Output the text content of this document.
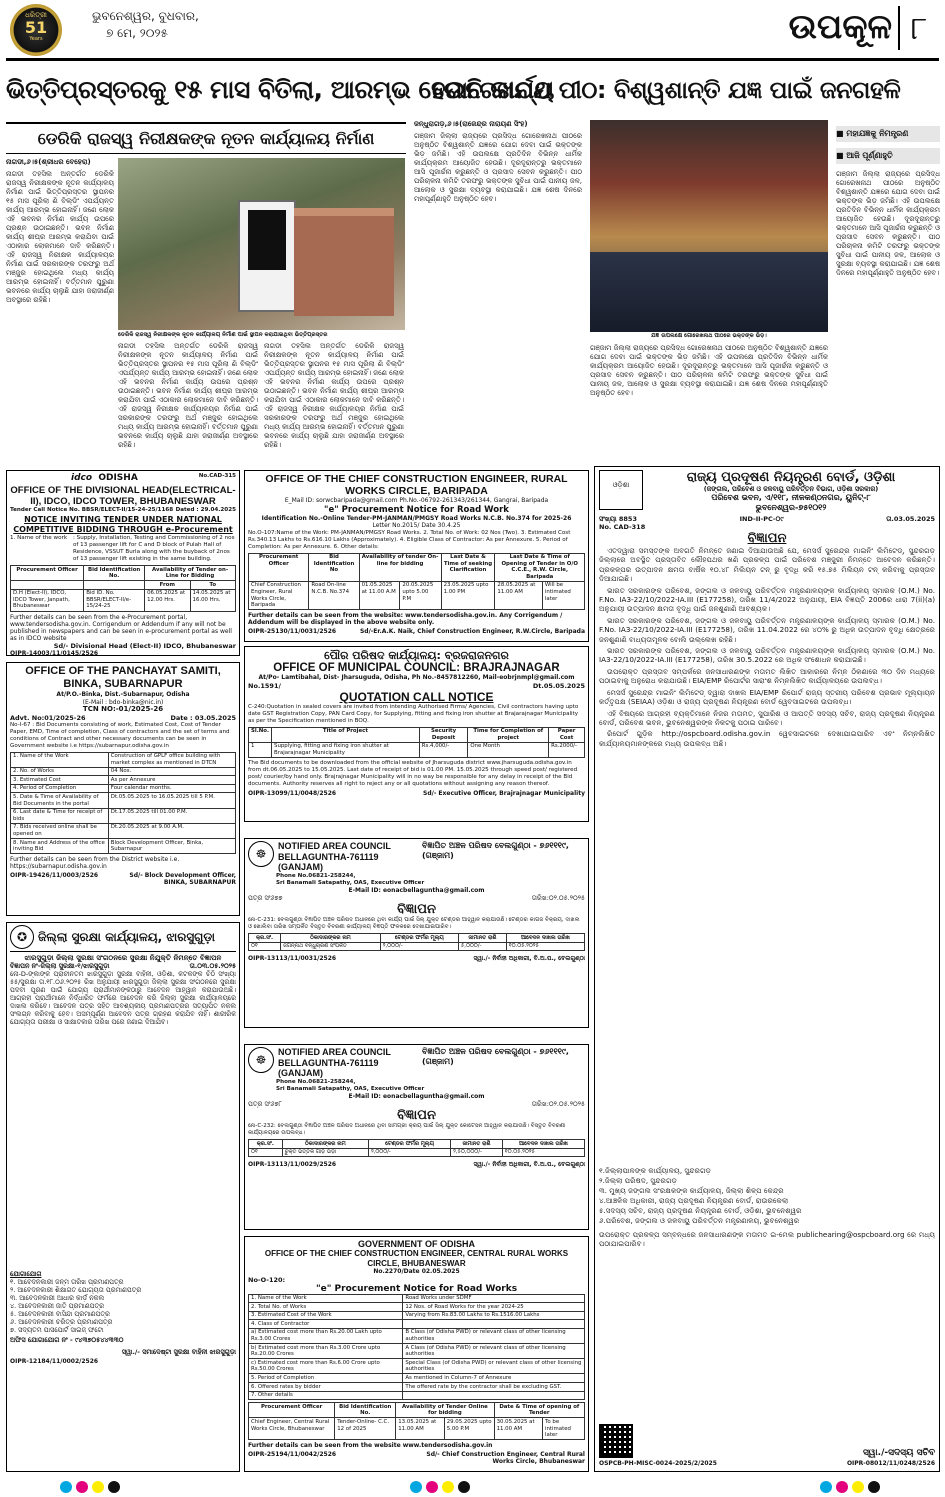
ଧରିତ୍ରୀ
51
Years
ଭୁବନେଶ୍ୱର, ବୁଧବାର,
୭ ମେ, ୨୦୨୫	ଉପକୂଳ ୮
ଭିତ୍ତିପ୍ରସ୍ତରକୁ ୧୫ ମାସ ବିତିଲା, ଆରମ୍ଭ ହେଉନି କାର୍ଯ୍ୟ
ଗୋରେଖନାଥ ପୀଠ: ବିଶ୍ୱଶାନ୍ତି ଯଜ୍ଞ ପାଇଁ ଜନଗହଳି
ଡେରିକି ରାଜସ୍ୱ ନିରୀକ୍ଷକଙ୍କ ନୂତନ କାର୍ଯ୍ୟାଳୟ ନିର୍ମାଣ
ନାଗଡୀ,୬।୫(ଶ୍ରୀଧର ବେହେରା)
ନାଗଡୀ ତହସିଲ ଅନ୍ତର୍ଗତ ଡେରିକି ରାଜସ୍ୱ ନିରୀକ୍ଷକଙ୍କ ନୂତନ କାର୍ଯ୍ୟାଳୟ ନିର୍ମାଣ ପାଇଁ ଭିତ୍ତିପ୍ରସ୍ତର ସ୍ଥାପନର ୧୫ ମାସ ପୂରିଲା ଣି ବିଲ୍ଡିଂ ଏପର୍ଯ୍ୟନ୍ତ କାର୍ଯ୍ୟ ଆରମ୍ଭ ହୋଇନାହିଁ। ଜଣେ ଲୋକ ଏହି ଭବନର ନିର୍ମାଣ କାର୍ଯ୍ୟ ଉପରେ ପ୍ରଶ୍ନ ଉଠାଇଛନ୍ତି। ଭବନ ନିର୍ମାଣ କାର୍ଯ୍ୟ ଶୀଘ୍ର ଆରମ୍ଭ କରାଯିବା ପାଇଁ ଏଠାକାର ଲୋକମାନେ ଦାବି କରିଛନ୍ତି। ଏହି ରାଜସ୍ୱ ନିରୀକ୍ଷକ କାର୍ଯ୍ୟାଳୟର ନିର୍ମାଣ ପାଇଁ ସରକାରଙ୍କ ତରଫରୁ ଅର୍ଥ ମଞ୍ଜୁର ହୋଇଥିଲେ ମଧ୍ୟ କାର୍ଯ୍ୟ ଆରମ୍ଭ ହୋଇନାହିଁ। ବର୍ତ୍ତମାନ ପୁରୁଣା ଭବନରେ କାର୍ଯ୍ୟ ଚାଲୁଛି ଯାହା ଜରାଜୀର୍ଣ୍ଣ ଅବସ୍ଥାରେ ରହିଛି।
ଡେରିକି ରାଜସ୍ୱ ନିରୀକ୍ଷକଙ୍କ ନୂତନ କାର୍ଯ୍ୟାଳୟ ନିର୍ମାଣ ପାଇଁ ସ୍ଥାପନ କରାଯାଇଥିବା ଭିତ୍ତିପ୍ରସ୍ତର
ନାଗଡୀ ତହସିଲ ଅନ୍ତର୍ଗତ ଡେରିକି ରାଜସ୍ୱ ନିରୀକ୍ଷକଙ୍କ ନୂତନ କାର୍ଯ୍ୟାଳୟ ନିର୍ମାଣ ପାଇଁ ଭିତ୍ତିପ୍ରସ୍ତର ସ୍ଥାପନର ୧୫ ମାସ ପୂରିଲା ଣି ବିଲ୍ଡିଂ ଏପର୍ଯ୍ୟନ୍ତ କାର୍ଯ୍ୟ ଆରମ୍ଭ ହୋଇନାହିଁ। ଜଣେ ଲୋକ ଏହି ଭବନର ନିର୍ମାଣ କାର୍ଯ୍ୟ ଉପରେ ପ୍ରଶ୍ନ ଉଠାଇଛନ୍ତି। ଭବନ ନିର୍ମାଣ କାର୍ଯ୍ୟ ଶୀଘ୍ର ଆରମ୍ଭ କରାଯିବା ପାଇଁ ଏଠାକାର ଲୋକମାନେ ଦାବି କରିଛନ୍ତି। ଏହି ରାଜସ୍ୱ ନିରୀକ୍ଷକ କାର୍ଯ୍ୟାଳୟର ନିର୍ମାଣ ପାଇଁ ସରକାରଙ୍କ ତରଫରୁ ଅର୍ଥ ମଞ୍ଜୁର ହୋଇଥିଲେ ମଧ୍ୟ କାର୍ଯ୍ୟ ଆରମ୍ଭ ହୋଇନାହିଁ। ବର୍ତ୍ତମାନ ପୁରୁଣା ଭବନରେ କାର୍ଯ୍ୟ ଚାଲୁଛି ଯାହା ଜରାଜୀର୍ଣ୍ଣ ଅବସ୍ଥାରେ ରହିଛି।
ନାଗଡୀ ତହସିଲ ଅନ୍ତର୍ଗତ ଡେରିକି ରାଜସ୍ୱ ନିରୀକ୍ଷକଙ୍କ ନୂତନ କାର୍ଯ୍ୟାଳୟ ନିର୍ମାଣ ପାଇଁ ଭିତ୍ତିପ୍ରସ୍ତର ସ୍ଥାପନର ୧୫ ମାସ ପୂରିଲା ଣି ବିଲ୍ଡିଂ ଏପର୍ଯ୍ୟନ୍ତ କାର୍ଯ୍ୟ ଆରମ୍ଭ ହୋଇନାହିଁ। ଜଣେ ଲୋକ ଏହି ଭବନର ନିର୍ମାଣ କାର୍ଯ୍ୟ ଉପରେ ପ୍ରଶ୍ନ ଉଠାଇଛନ୍ତି। ଭବନ ନିର୍ମାଣ କାର୍ଯ୍ୟ ଶୀଘ୍ର ଆରମ୍ଭ କରାଯିବା ପାଇଁ ଏଠାକାର ଲୋକମାନେ ଦାବି କରିଛନ୍ତି। ଏହି ରାଜସ୍ୱ ନିରୀକ୍ଷକ କାର୍ଯ୍ୟାଳୟର ନିର୍ମାଣ ପାଇଁ ସରକାରଙ୍କ ତରଫରୁ ଅର୍ଥ ମଞ୍ଜୁର ହୋଇଥିଲେ ମଧ୍ୟ କାର୍ଯ୍ୟ ଆରମ୍ଭ ହୋଇନାହିଁ। ବର୍ତ୍ତମାନ ପୁରୁଣା ଭବନରେ କାର୍ଯ୍ୟ ଚାଲୁଛି ଯାହା ଜରାଜୀର୍ଣ୍ଣ ଅବସ୍ଥାରେ ରହିଛି।
ଜନ୍ଧୁରାଗଡ଼,୬।୫(ରାଜେନ୍ଦ୍ର ନାରାୟଣ ସିଂହ)
ଗଞ୍ଜାମ ଜିଲ୍ଲା ରାଜ୍ୟରେ ପ୍ରସିଦ୍ଧ ଗୋରେଖନାଥ ପୀଠରେ ଅନୁଷ୍ଠିତ ବିଶ୍ୱଶାନ୍ତି ଯଜ୍ଞରେ ଯୋଗ ଦେବା ପାଇଁ ଭକ୍ତଙ୍କ ଭିଡ଼ ଜମିଛି। ଏହି ଉପଲକ୍ଷେ ପ୍ରତିଦିନ ବିଭିନ୍ନ ଧାର୍ମିକ କାର୍ଯ୍ୟକ୍ରମ ଆୟୋଜିତ ହେଉଛି। ଦୂରଦୂରାନ୍ତରୁ ଭକ୍ତମାନେ ଆସି ପୂଜାର୍ଚ୍ଚନା କରୁଛନ୍ତି ଓ ପ୍ରସାଦ ସେବନ କରୁଛନ୍ତି। ପୀଠ ପରିଚାଳନା କମିଟି ତରଫରୁ ଭକ୍ତଙ୍କ ସୁବିଧା ପାଇଁ ପାନୀୟ ଜଳ, ଆଲୋକ ଓ ସୁରକ୍ଷା ବ୍ୟବସ୍ଥା କରାଯାଇଛି। ଯଜ୍ଞ ଶେଷ ଦିନରେ ମହାପୂର୍ଣ୍ଣାହୁତି ଅନୁଷ୍ଠିତ ହେବ।
ଯଜ୍ଞ ଉପଲକ୍ଷେ ଗୋରେଖନାଥ ପୀଠରେ ଭକ୍ତଙ୍କ ଭିଡ଼।
■ ମହାଯଜ୍ଞକୁ ନିମନ୍ତ୍ରଣ
■ ଆଜି ପୂର୍ଣ୍ଣାହୁତି
ଗଞ୍ଜାମ ଜିଲ୍ଲା ରାଜ୍ୟରେ ପ୍ରସିଦ୍ଧ ଗୋରେଖନାଥ ପୀଠରେ ଅନୁଷ୍ଠିତ ବିଶ୍ୱଶାନ୍ତି ଯଜ୍ଞରେ ଯୋଗ ଦେବା ପାଇଁ ଭକ୍ତଙ୍କ ଭିଡ଼ ଜମିଛି। ଏହି ଉପଲକ୍ଷେ ପ୍ରତିଦିନ ବିଭିନ୍ନ ଧାର୍ମିକ କାର୍ଯ୍ୟକ୍ରମ ଆୟୋଜିତ ହେଉଛି। ଦୂରଦୂରାନ୍ତରୁ ଭକ୍ତମାନେ ଆସି ପୂଜାର୍ଚ୍ଚନା କରୁଛନ୍ତି ଓ ପ୍ରସାଦ ସେବନ କରୁଛନ୍ତି। ପୀଠ ପରିଚାଳନା କମିଟି ତରଫରୁ ଭକ୍ତଙ୍କ ସୁବିଧା ପାଇଁ ପାନୀୟ ଜଳ, ଆଲୋକ ଓ ସୁରକ୍ଷା ବ୍ୟବସ୍ଥା କରାଯାଇଛି। ଯଜ୍ଞ ଶେଷ ଦିନରେ ମହାପୂର୍ଣ୍ଣାହୁତି ଅନୁଷ୍ଠିତ ହେବ।
ଗଞ୍ଜାମ ଜିଲ୍ଲା ରାଜ୍ୟରେ ପ୍ରସିଦ୍ଧ ଗୋରେଖନାଥ ପୀଠରେ ଅନୁଷ୍ଠିତ ବିଶ୍ୱଶାନ୍ତି ଯଜ୍ଞରେ ଯୋଗ ଦେବା ପାଇଁ ଭକ୍ତଙ୍କ ଭିଡ଼ ଜମିଛି। ଏହି ଉପଲକ୍ଷେ ପ୍ରତିଦିନ ବିଭିନ୍ନ ଧାର୍ମିକ କାର୍ଯ୍ୟକ୍ରମ ଆୟୋଜିତ ହେଉଛି। ଦୂରଦୂରାନ୍ତରୁ ଭକ୍ତମାନେ ଆସି ପୂଜାର୍ଚ୍ଚନା କରୁଛନ୍ତି ଓ ପ୍ରସାଦ ସେବନ କରୁଛନ୍ତି। ପୀଠ ପରିଚାଳନା କମିଟି ତରଫରୁ ଭକ୍ତଙ୍କ ସୁବିଧା ପାଇଁ ପାନୀୟ ଜଳ, ଆଲୋକ ଓ ସୁରକ୍ଷା ବ୍ୟବସ୍ଥା କରାଯାଇଛି। ଯଜ୍ଞ ଶେଷ ଦିନରେ ମହାପୂର୍ଣ୍ଣାହୁତି ଅନୁଷ୍ଠିତ ହେବ।
idco ODISHA	No.CAD-315
OFFICE OF THE DIVISIONAL HEAD(ELECTRICAL-II), IDCO, IDCO TOWER, BHUBANESWAR
Tender Call Notice No. BBSR/ELECT-II/15-24-25/1168 Dated : 29.04.2025
NOTICE INVITING TENDER UNDER NATIONAL COMPETITIVE BIDDING THROUGH e-Procurement
1. Name of the work	: Supply, Installation, Testing and Commissioning of 2 nos of 13 passenger lift for C and D block of Pulah Hall of Residence, VSSUT Burla along with the buyback of 2nos of 13 passenger lift existing in the same building.
Procurement Officer	Bid Identification No.	Availability of Tender on-Line for Bidding	
		From	To
D.H (Elect-II), IDCO, IDCO Tower, Janpath, Bhubaneswar	Bid ID. No. BBSR/ELECT-II/e-15/24-25	06.05.2025 at 12.00 Hrs.	14.05.2025 at 16.00 Hrs.
Further details can be seen from the e-Procurement portal, www.tendersodisha.gov.in. Corrigendum or Addendum if any will not be published in newspapers and can be seen in e-procurement portal as well as in IDCO website
Sd/- Divisional Head (Elect-II) IDCO, Bhubaneswar
OIPR-14003/11/0145/2526
OFFICE OF THE CHIEF CONSTRUCTION ENGINEER, RURAL WORKS CIRCLE, BARIPADA
E_Mail ID: sorwcbaripada@gmail.com Ph.No.-06792-261343/261344, Gangrai, Baripada
"e" Procurement Notice for Road Work
Identification No.-Online Tender-PM-JANMAN/PMGSY Road Works N.C.B. No.374 for 2025-26
Letter No.2015/ Date 30.4.25
No.O-107:Name of the Work: PM-JANMAN/PMGSY Road Works. 2. Total No. of Work: 02 Nos (Two). 3. Estimated Cost Rs.340.13 Lakhs to Rs.616.10 Lakhs (Approximately). 4. Eligible Class of Contractor: As per Annexure. 5. Period of Completion: As per Annexure. 6. Other details:
Procurement Officer	Bid Identification No	Availability of tender On-line for bidding		Last Date & Time of seeking Clarification	Last Date & Time of Opening of Tender in O/O C.C.E., R.W. Circle, Baripada	
Chief Construction Engineer, Rural Works Circle, Baripada	Road On-line N.C.B. No.374	01.05.2025 at 11.00 A.M	20.05.2025 upto 5.00 P.M	23.05.2025 upto 1.00 PM	28.05.2025 at 11.00 AM	Will be intimated later
Further details can be seen from the website: www.tendersodisha.gov.in. Any Corrigendum / Addendum will be displayed in the above website only.
OIPR-25130/11/0031/2526	Sd/-Er.A.K. Naik, Chief Construction Engineer, R.W.Circle, Baripada
OFFICE OF THE PANCHAYAT SAMITI, BINKA, SUBARNAPUR
At/P.O.-Binka, Dist.-Subarnapur, Odisha
(E-Mail : bdo-binka@nic.in)
TCN NO:-01/2025-26
Advt. No:01/2025-26	Date : 03.05.2025
No-I-67 : Bid Documents consisting of work, Estimated Cost, Cost of Tender Paper, EMD, Time of completion, Class of contractors and the set of terms and conditions of Contract and other necessary documents can be seen in Government website i.e https://subarnapur.odisha.gov.in
1. Name of the Work	Construction of GPLF office building with market complex as mentioned in DTCN
2. No. of Works	04 Nos.
3. Estimated Cost	As per Annexure
4. Period of Completion	Four calendar months.
5. Date & Time of Availability of Bid Documents in the portal	Dt.05.05.2025 to 16.05.2025 till 5 P.M.
6. Last date & Time for receipt of bids	Dt.17.05.2025 till 01.00 P.M.
7. Bids received online shall be opened on	Dt.20.05.2025 at 9.00 A.M.
8. Name and Address of the office inviting Bid	Block Development Officer, Binka, Subarnapur
Further details can be seen from the District website i.e. https://subarnapur.odisha.gov.in
OIPR-19426/11/0003/2526	Sd/- Block Development Officer, BINKA, SUBARNAPUR
ପୌର ପରିଷଦ କାର୍ଯ୍ୟାଳୟ: ବ୍ରଜରାଜନଗର
OFFICE OF MUNICIPAL COUNCIL: BRAJRAJNAGAR
At/Po- Lamtibahal, Dist- Jharsuguda, Odisha, Ph No.-8457812260, Mail-eobrjnmpl@gmail.com
No.1591/	Dt.05.05.2025
QUOTATION CALL NOTICE
C-240:Quotation in sealed covers are invited from intending Authorised Firms/ Agencies, Civil contractors having upto date GST Registration Copy, PAN Card Copy, for Supplying, fitting and fixing iron shutter at Brajarajnagar Municipality as per the Specification mentioned in BOQ.
Sl.No.	Title of Project	Security Deposit	Time for Completion of project	Paper Cost
1	Supplying, fitting and fixing iron shutter at Brajarajnagar Municipality	Rs.4,000/-	One Month	Rs.2000/-
The Bid documents to be downloaded from the official website of Jharsuguda district www.jharsuguda.odisha.gov.in from dt.06.05.2025 to 15.05.2025. Last date of receipt of bid is 01.00 PM. 15.05.2025 through speed post/ registered post/ courier/by hand only. Brajrajnagar Municipality will in no way be responsible for any delay in receipt of the Bid documents. Authority reserves all right to reject any or all quotations without assigning any reason thereof.
OIPR-13099/11/0048/2526	Sd/- Executive Officer, Brajrajnagar Municipality
☸
NOTIFIED AREA COUNCIL BELLAGUNTHA-761119 (GANJAM)
ବିଜ୍ଞାପିତ ଅଞ୍ଚଳ ପରିଷଦ ବେଲଗୁଣ୍ଠା - ୭୬୧୧୧୯, (ଗଞ୍ଜାମ)
Phone No.06821-258244,
Sri Banamali Satapathy, OAS, Executive Officer
E-Mail ID: eonacbellaguntha@gmail.com
ପତ୍ର ସଂ୬୭୭	ତାରିଖ:୦୨.୦୫.୨୦୨୫
ବିଜ୍ଞାପନ
ନୋ-C-231: ବେଲଗୁଣ୍ଠା ବିଜ୍ଞାପିତ ଅଞ୍ଚଳ ପରିଷଦ ଅଧୀନରେ ଥିବା କାର୍ଯ୍ୟ ପାଇଁ ସିଲ୍ ଯୁକ୍ତ ଟେଣ୍ଡର ଆହ୍ୱାନ କରାଯାଉଛି। ଟେଣ୍ଡର କାଗଜ ବିକ୍ରୟ, ଦାଖଲ ଓ ଖୋଲିବା ତାରିଖ ସମ୍ପର୍କିତ ବିସ୍ତୃତ ବିବରଣୀ କାର୍ଯ୍ୟାଳୟ ବିଜ୍ଞପ୍ତି ଫଳକରେ ଦେଖାଯାଇପାରିବ।
କ୍ର.ସଂ.	ଠିକାଦାରଙ୍କର ନାମ	ଟେଣ୍ଡର ଫର୍ମର ମୂଲ୍ୟ	ଜାମାନତ ରାଶି	ଆବେଦନ ଦାଖଲ ତାରିଖ
୦୧	ଜଗନ୍ନାଥ ବନ୍ଧୁଚାରଣ ସଂପର୍କିତ	୨,୦୦୦/-	୫,୦୦୦/-	୧୦.୦୫.୨୦୨୫
OIPR-13113/11/0031/2526	ସ୍ୱା./- ନିର୍ବାହୀ ଅଧିକାରୀ, ବି.ଅ.ପ., ବେଲଗୁଣ୍ଠା
☸
NOTIFIED AREA COUNCIL BELLAGUNTHA-761119 (GANJAM)
ବିଜ୍ଞାପିତ ଅଞ୍ଚଳ ପରିଷଦ ବେଲଗୁଣ୍ଠା - ୭୬୧୧୧୯, (ଗଞ୍ଜାମ)
Phone No.06821-258244,
Sri Banamali Satapathy, OAS, Executive Officer
E-Mail ID: eonacbellaguntha@gmail.com
ପତ୍ର ସଂ୬୭୮	ତାରିଖ:୦୨.୦୫.୨୦୨୫
ବିଜ୍ଞାପନ
ନୋ-C-232: ବେଲଗୁଣ୍ଠା ବିଜ୍ଞାପିତ ଅଞ୍ଚଳ ପରିଷଦ ଅଧୀନରେ ଥିବା ସାମଗ୍ରୀ କ୍ରୟ ପାଇଁ ସିଲ୍ ଯୁକ୍ତ କୋଟେସନ ଆହ୍ୱାନ କରାଯାଉଛି। ବିସ୍ତୃତ ବିବରଣୀ କାର୍ଯ୍ୟାଳୟରେ ଉପଲବ୍ଧ।
କ୍ର.ସଂ.	ଠିକାଦାରଙ୍କର ନାମ	ଟେଣ୍ଡର ଫର୍ମର ମୂଲ୍ୟ	ଜାମାନତ ରାଶି	ଆବେଦନ ଦାଖଲ ତାରିଖ
୦୧	ଚୁକ୍ତି ଭିତ୍ତିକ ଗାଡ଼ି ଭଡ଼ା	୨,୦୦୦/-	୨,୫୦,୦୦୦/-	୧୦.୦୫.୨୦୨୫
OIPR-13113/11/0029/2526	ସ୍ୱା./- ନିର୍ବାହୀ ଅଧିକାରୀ, ବି.ଅ.ପ., ବେଲଗୁଣ୍ଠା
GOVERNMENT OF ODISHA
OFFICE OF THE CHIEF CONSTRUCTION ENGINEER, CENTRAL RURAL WORKS CIRCLE, BHUBANESWAR
No.2270/Date 02.05.2025
No-O-120:
"e" Procurement Notice for Road Works
1. Name of the Work	Road Works under SDMF
2. Total No. of Works	12 Nos. of Road Works for the year 2024-25
3. Estimated Cost of the Work	Varying from Rs.83.00 Lakhs to Rs.1516.00 Lakhs
4. Class of Contractor	
a) Estimated cost more than Rs.20.00 Lakh upto Rs.3.00 Crores	B Class (of Odisha PWD) or relevant class of other licensing authorities
b) Estimated cost more than Rs.3.00 Crore upto Rs.20.00 Crores	A Class (of Odisha PWD) or relevant class of other licensing authorities
c) Estimated cost more than Rs.6.00 Crore upto Rs.50.00 Crores	Special Class (of Odisha PWD) or relevant class of other licensing authorities
5. Period of Completion	As mentioned in Column-7 of Annexure
6. Offered rates by bidder	The offered rate by the contractor shall be excluding GST.
7. Other details	
Procurement Officer	Bid Identification No.	Availability of Tender Online for bidding		Date & Time of opening of Tender	
Chief Engineer, Central Rural Works Circle, Bhubaneswar	Tender-Online- C.C. 12 of 2025	13.05.2025 at 11.00 AM	29.05.2025 upto 5.00 P.M	30.05.2025 at 11.00 AM	To be intimated later
Further details can be seen from the website www.tendersodisha.gov.in
OIPR-25194/11/0042/2526	Sd/- Chief Construction Engineer, Central Rural Works Circle, Bhubaneswar
✪ ଜିଲ୍ଲା ସୁରକ୍ଷା କାର୍ଯ୍ୟାଳୟ, ଝାରସୁଗୁଡ଼ା
ଝାରସୁଗୁଡ଼ା ଜିଲ୍ଲା ସୁରକ୍ଷା ସଂଗଠନରେ ସୁରକ୍ଷା ନିଯୁକ୍ତି ନିମନ୍ତେ ବିଜ୍ଞାପନ
ବିଜ୍ଞାପନ ନଂ-ଜିଲ୍ଲା ସୁରକ୍ଷା-୧/ଝାରସୁଗୁଡ଼ା	ତା.୦୩.୦୫.୨୦୨୫
ନୋ-D-ଙ୍କାଙ୍କ ପ୍ରାଚୀନତମ ଝାରସୁଗୁଡ଼ା ସୁରକ୍ଷା ବାହିନୀ, ଓଡ଼ିଶା, କଟକଙ୍କ ଚିଠି ସଂଖ୍ୟା ୫୫/ସୁରକ୍ଷା ତା.୧୮.୦୬.୨୦୨୫ ରିଖ ଅନୁଯାୟୀ ଝାରସୁଗୁଡ଼ା ଜିଲ୍ଲା ସୁରକ୍ଷା ସଂଗଠନରେ ସୁରକ୍ଷା ପଦବୀ ପୂରଣ ପାଇଁ ଯୋଗ୍ୟ ପ୍ରାର୍ଥୀମାନଙ୍କଠାରୁ ଆବେଦନ ଆହ୍ୱାନ କରାଯାଉଅଛି। ଆଗ୍ରହୀ ପ୍ରାର୍ଥୀମାନେ ନିର୍ଦ୍ଧାରିତ ଫର୍ମରେ ଆବେଦନ କରି ଜିଲ୍ଲା ସୁରକ୍ଷା କାର୍ଯ୍ୟାଳୟରେ ଦାଖଲ କରିବେ। ଆବେଦନ ପତ୍ର ସହିତ ଆବଶ୍ୟକୀୟ ପ୍ରମାଣପତ୍ରର ସତ୍ୟାପିତ ନକଲ ସଂଲଗ୍ନ କରିବାକୁ ହେବ। ଅସମ୍ପୂର୍ଣ୍ଣ ଆବେଦନ ପତ୍ର ଗ୍ରହଣ କରାଯିବ ନାହିଁ। ଶାରୀରିକ ଯୋଗ୍ୟତା ପରୀକ୍ଷା ଓ ସାକ୍ଷାତକାର ତାରିଖ ପରେ ଜଣାଇ ଦିଆଯିବ।
ଯୋଗାଯୋଗ
୧. ଆବେଦନକାରୀ ଜନ୍ମ ତାରିଖ ପ୍ରମାଣପତ୍ର
୨. ଆବେଦନକାରୀ ଶିକ୍ଷାଗତ ଯୋଗ୍ୟତା ପ୍ରମାଣପତ୍ର
୩. ଆବେଦନକାରୀ ଆଧାର କାର୍ଡ଼ ନକଲ
୪. ଆବେଦନକାରୀ ଜାତି ପ୍ରମାଣପତ୍ର
୫. ଆବେଦନକାରୀ ବାସିନ୍ଦା ପ୍ରମାଣପତ୍ର
୬. ଆବେଦନକାରୀ ଚରିତ୍ର ପ୍ରମାଣପତ୍ର
୭. ସଦ୍ୟତମ ପାସପୋର୍ଟ ସାଇଜ୍ ଫଟୋ
ଅଫିସ ଯୋଗାଯୋଗ ନଂ - ୯୪୩୭୦୫୪୪୩୩୦
ସ୍ୱା./- ସମାଦେଷ୍ଟା ସୁରକ୍ଷା ବାହିନୀ ଝାରସୁଗୁଡ଼ା
OIPR-12184/11/0002/2526
ଓଡ଼ିଶା	ରାଜ୍ୟ ପ୍ରଦୂଷଣ ନିୟନ୍ତ୍ରଣ ବୋର୍ଡ, ଓଡ଼ିଶା
(ଜଙ୍ଗଲ, ପରିବେଶ ଓ ଜଳବାୟୁ ପରିବର୍ତ୍ତନ ବିଭାଗ, ଓଡ଼ିଶା ସରକାର)
ପରିବେଶ ଭବନ, ଏ/୧୧୮, ନୀଳକଣ୍ଠନଗର, ୟୁନିଟ୍-୮
ଭୁବନେଶ୍ୱର-୭୫୧୦୧୨
ସଂଖ୍ୟା 8853	IND-II-PC-୦୯	ତା.03.05.2025
No. CAD-318
ବିଜ୍ଞାପନ

ଏତଦ୍ୱାରା ସମସ୍ତଙ୍କ ଅବଗତି ନିମନ୍ତେ ଜଣାଇ ଦିଆଯାଉଅଛି ଯେ, ମେସର୍ସ ସୁରେନ୍ଦ୍ର ମାଇନିଂ ଲିମିଟେଡ୍, ସୁନ୍ଦରଗଡ଼ ଜିଲ୍ଲାରେ ଅବସ୍ଥିତ ପ୍ରସ୍ତାବିତ ଲୌହପଥର ଖଣି ପ୍ରକଳ୍ପ ପାଇଁ ପରିବେଶ ମଞ୍ଜୁରୀ ନିମନ୍ତେ ଆବେଦନ କରିଛନ୍ତି। ପ୍ରକଳ୍ପର ଉତ୍ପାଦନ କ୍ଷମତା ବାର୍ଷିକ ୧୦.୪୮ ମିଲିୟନ ଟନ୍ ରୁ ବୃଦ୍ଧି କରି ୧୫.୭୫ ମିଲିୟନ ଟନ୍ କରିବାକୁ ପ୍ରସ୍ତାବ ଦିଆଯାଇଛି।

ଭାରତ ସରକାରଙ୍କ ପରିବେଶ, ଜଙ୍ଗଲ ଓ ଜଳବାୟୁ ପରିବର୍ତ୍ତନ ମନ୍ତ୍ରଣାଳୟଙ୍କ କାର୍ଯ୍ୟାଳୟ ସ୍ମାରକ (O.M.) No. F.No. IA3-22/10/2022-IA.III (E177258), ତାରିଖ 11/4/2022 ଅନୁଯାୟୀ, EIA ବିଜ୍ଞପ୍ତି 2006ର ଧାରା 7(ii)(a) ଅନୁଯାୟୀ ଉତ୍ପାଦନ କ୍ଷମତା ବୃଦ୍ଧି ପାଇଁ ଜନଶୁଣାଣି ଆବଶ୍ୟକ।

ଭାରତ ସରକାରଙ୍କ ପରିବେଶ, ଜଙ୍ଗଲ ଓ ଜଳବାୟୁ ପରିବର୍ତ୍ତନ ମନ୍ତ୍ରଣାଳୟଙ୍କ କାର୍ଯ୍ୟାଳୟ ସ୍ମାରକ (O.M.) No. F.No. IA3-22/10/2022-IA.III (E177258), ତାରିଖ 11.04.2022 ରେ ୪୦% ରୁ ଅଧିକ ଉତ୍ପାଦନ ବୃଦ୍ଧି କ୍ଷେତ୍ରରେ ଜନଶୁଣାଣି ବାଧ୍ୟତାମୂଳକ ବୋଲି ଉଲ୍ଲେଖ ରହିଛି।

ଭାରତ ସରକାରଙ୍କ ପରିବେଶ, ଜଙ୍ଗଲ ଓ ଜଳବାୟୁ ପରିବର୍ତ୍ତନ ମନ୍ତ୍ରଣାଳୟଙ୍କ କାର୍ଯ୍ୟାଳୟ ସ୍ମାରକ (O.M.) No. IA3-22/10/2022-IA.III (E177258), ତାରିଖ 30.5.2022 ରେ ଅଧିକ ସଂଶୋଧନ କରାଯାଇଛି।

ଉପରୋକ୍ତ ପ୍ରସ୍ତାବ ସମ୍ପର୍କରେ ଜନସାଧାରଣଙ୍କ ମତାମତ ଲିଖିତ ଆକାରରେ ନିମ୍ନ ଠିକଣାରେ ୩୦ ଦିନ ମଧ୍ୟରେ ପଠାଇବାକୁ ଅନୁରୋଧ କରାଯାଉଛି। EIA/EMP ରିପୋର୍ଟର ସାରାଂଶ ନିମ୍ନଲିଖିତ କାର୍ଯ୍ୟାଳୟରେ ଉପଲବ୍ଧ।

ମେସର୍ସ ସୁରେନ୍ଦ୍ର ମାଇନିଂ ଲିମିଟେଡ୍ ଦ୍ୱାରା ଦାଖଲ EIA/EMP ରିପୋର୍ଟ ରାଜ୍ୟ ସ୍ତରୀୟ ପରିବେଶ ପ୍ରଭାବ ମୂଲ୍ୟାୟନ କର୍ତ୍ତୃପକ୍ଷ (SEIAA) ଓଡ଼ିଶା ଓ ରାଜ୍ୟ ପ୍ରଦୂଷଣ ନିୟନ୍ତ୍ରଣ ବୋର୍ଡ ୱେବସାଇଟରେ ଉପଲବ୍ଧ।

ଏହି ବିଷୟରେ ଆଗ୍ରହୀ ବ୍ୟକ୍ତିମାନେ ନିଜର ମତାମତ, ସୁପାରିଶ ଓ ଆପତ୍ତି ସଦସ୍ୟ ସଚିବ, ରାଜ୍ୟ ପ୍ରଦୂଷଣ ନିୟନ୍ତ୍ରଣ ବୋର୍ଡ, ପରିବେଶ ଭବନ, ଭୁବନେଶ୍ୱରଙ୍କ ନିକଟକୁ ପଠାଇ ପାରିବେ।

ରିପୋର୍ଟ ଗୁଡ଼ିକ http://ospcboard.odisha.gov.in ୱେବସାଇଟରେ ଦେଖାଯାଇପାରିବ ଏବଂ ନିମ୍ନଲିଖିତ କାର୍ଯ୍ୟାଳୟମାନଙ୍କରେ ମଧ୍ୟ ଉପଲବ୍ଧ ଅଛି।

୧.ଜିଲ୍ଲାପାଳଙ୍କ କାର୍ଯ୍ୟାଳୟ, ସୁନ୍ଦରଗଡ଼
୨.ଜିଲ୍ଲା ପରିଷଦ, ସୁନ୍ଦରଗଡ଼
୩. ମୁଖ୍ୟ ଜଙ୍ଗଲ ସଂରକ୍ଷକଙ୍କ କାର୍ଯ୍ୟାଳୟ, ଜିଲ୍ଲା ଶିଳ୍ପ କେନ୍ଦ୍ର
୪.ଆଞ୍ଚଳିକ ଅଧିକାରୀ, ରାଜ୍ୟ ପ୍ରଦୂଷଣ ନିୟନ୍ତ୍ରଣ ବୋର୍ଡ, ରାଉରକେଲା
୫.ସଦସ୍ୟ ସଚିବ, ରାଜ୍ୟ ପ୍ରଦୂଷଣ ନିୟନ୍ତ୍ରଣ ବୋର୍ଡ, ଓଡ଼ିଶା, ଭୁବନେଶ୍ୱର
୬.ପରିବେଶ, ଜଙ୍ଗଲ ଓ ଜଳବାୟୁ ପରିବର୍ତ୍ତନ ମନ୍ତ୍ରଣାଳୟ, ଭୁବନେଶ୍ୱର
ଉପରୋକ୍ତ ପ୍ରକଳ୍ପ ସମ୍ବନ୍ଧରେ ଜନସାଧାରଣଙ୍କ ମତାମତ ଇ-ମେଲ publichearing@ospcboard.org ରେ ମଧ୍ୟ ପଠାଯାଇପାରିବ।
ସ୍ୱା./-ସଦସ୍ୟ ସଚିବ
OSPCB-PH-MISC-0024-2025/2/2025	OIPR-08012/11/0248/2526
